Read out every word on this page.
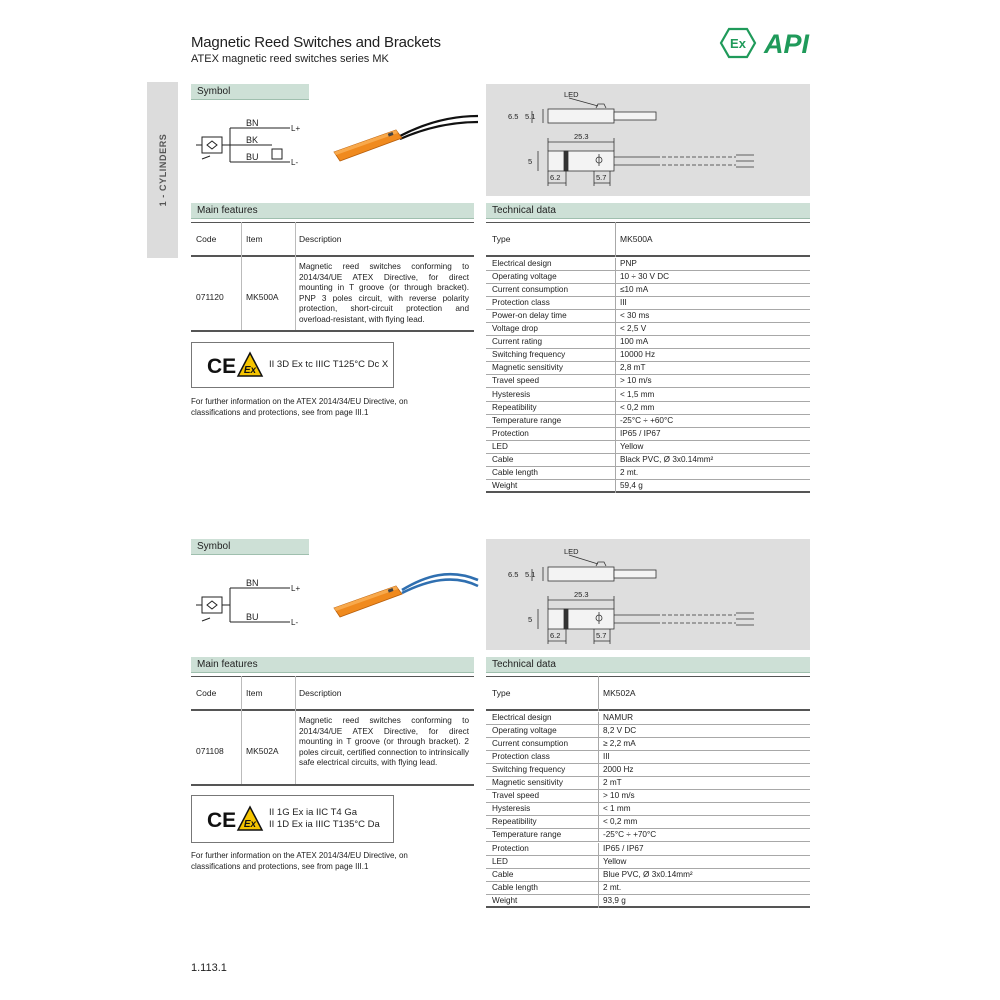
Magnetic Reed Switches and Brackets
ATEX magnetic reed switches series MK
Ex API
1 - CYLINDERS
Symbol
BN
BK
BU
L+
L-
Main features
Code	Item	Description
071120	MK500A
Magnetic reed switches conforming to 2014/34/UE ATEX Directive, for direct mounting in T groove (or through bracket). PNP 3 poles circuit, with reverse polarity protection, short-circuit protection and overload-resistant, with flying lead.
CE Ex
II 3D Ex tc IIIC T125°C Dc X
For further information on the ATEX 2014/34/EU Directive, on classifications and protections, see from page III.1
LED
6.5 5.1
25.3
5
6.2	5.7
Technical data
Type	MK500A
Electrical design	PNP
Operating voltage	10 ÷ 30 V DC
Current consumption	≤10 mA
Protection class	III
Power-on delay time	< 30 ms
Voltage drop	< 2,5 V
Current rating	100 mA
Switching frequency	10000 Hz
Magnetic sensitivity	2,8 mT
Travel speed	> 10 m/s
Hysteresis	< 1,5 mm
Repeatibility	< 0,2 mm
Temperature range	-25°C ÷ +60°C
Protection	IP65 / IP67
LED	Yellow
Cable	Black PVC, Ø 3x0.14mm²
Cable length	2 mt.
Weight	59,4 g
Symbol
BN
BU
L+
L-
Main features
Code	Item	Description
071108	MK502A
Magnetic reed switches conforming to 2014/34/UE ATEX Directive, for direct mounting in T groove (or through bracket). 2 poles circuit, certified connection to intrinsically safe electrical circuits, with flying lead.
CE Ex
II 1G Ex ia IIC T4 Ga
II 1D Ex ia IIIC T135°C Da
For further information on the ATEX 2014/34/EU Directive, on classifications and protections, see from page III.1
LED
6.5 5.1
25.3
5
6.2	5.7
Technical data
Type	MK502A
Electrical design	NAMUR
Operating voltage	8,2 V DC
Current consumption	≥ 2,2 mA
Protection class	III
Switching frequency	2000 Hz
Magnetic sensitivity	2 mT
Travel speed	> 10 m/s
Hysteresis	< 1 mm
Repeatibility	< 0,2 mm
Temperature range	-25°C ÷ +70°C
Protection	IP65 / IP67
LED	Yellow
Cable	Blue PVC, Ø 3x0.14mm²
Cable length	2 mt.
Weight	93,9 g
1.113.1
